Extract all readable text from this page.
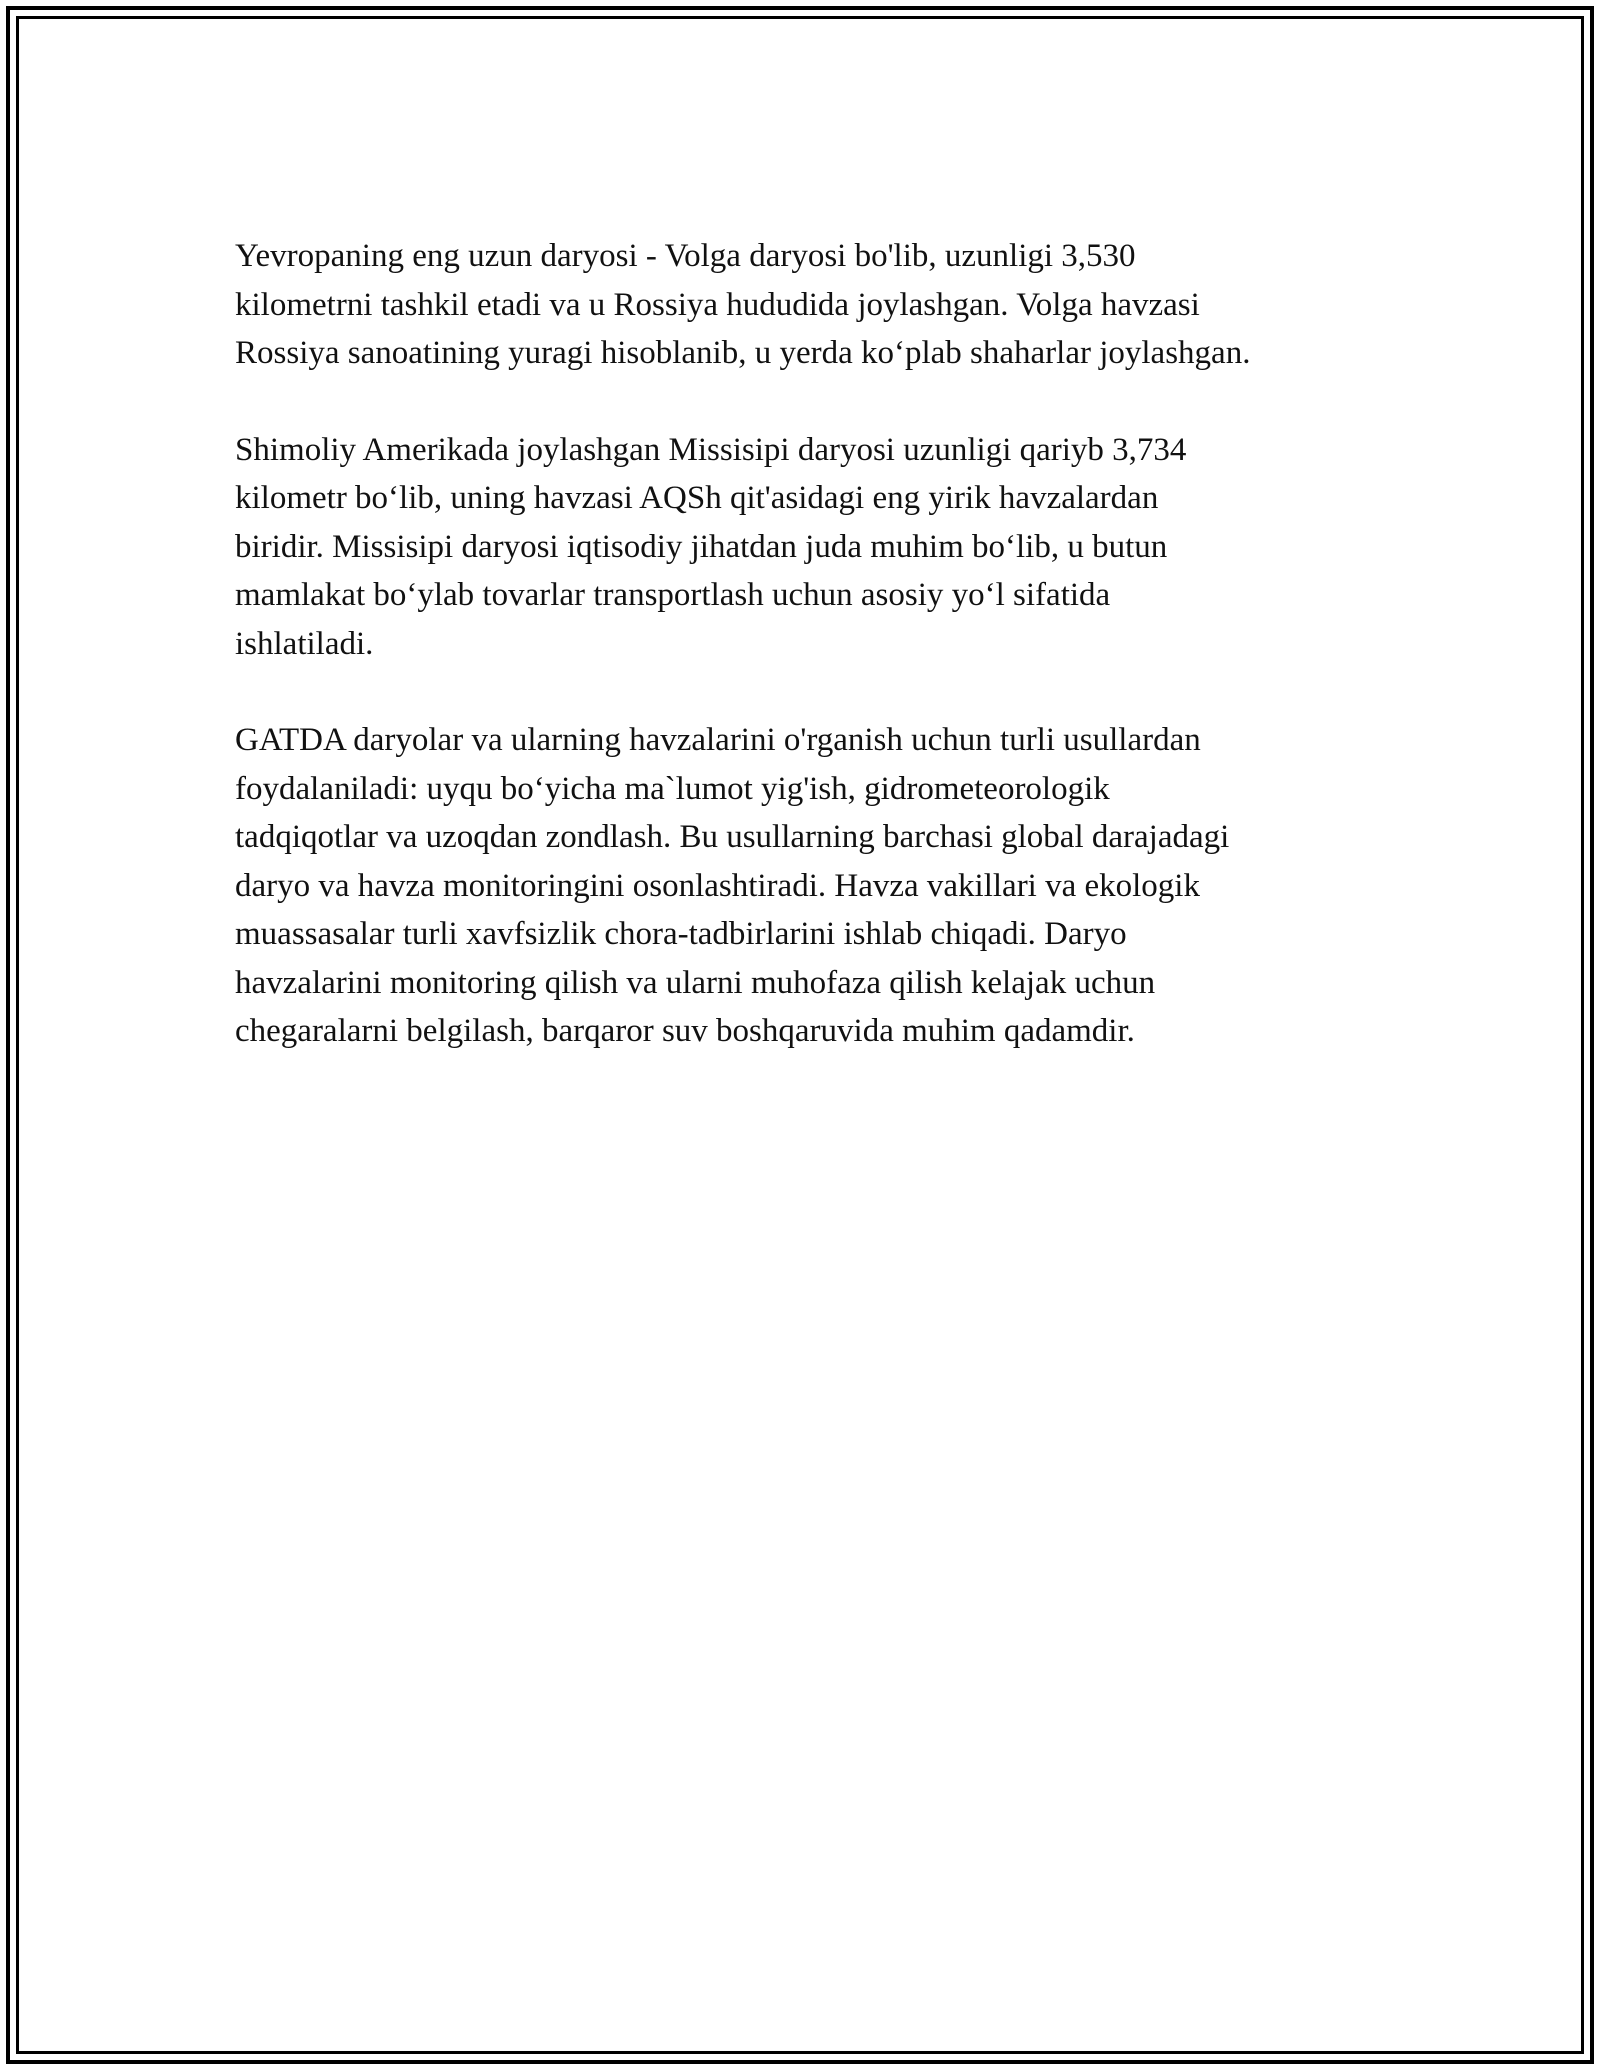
Yevropaning eng uzun daryosi - Volga daryosi bo'lib, uzunligi 3,530
kilometrni tashkil etadi va u Rossiya hududida joylashgan. Volga havzasi
Rossiya sanoatining yuragi hisoblanib, u yerda ko‘plab shaharlar joylashgan.

Shimoliy Amerikada joylashgan Missisipi daryosi uzunligi qariyb 3,734
kilometr bo‘lib, uning havzasi AQSh qit'asidagi eng yirik havzalardan
biridir. Missisipi daryosi iqtisodiy jihatdan juda muhim bo‘lib, u butun
mamlakat bo‘ylab tovarlar transportlash uchun asosiy yo‘l sifatida
ishlatiladi.

GATDA daryolar va ularning havzalarini o'rganish uchun turli usullardan
foydalaniladi: uyqu bo‘yicha ma`lumot yig'ish, gidrometeorologik
tadqiqotlar va uzoqdan zondlash. Bu usullarning barchasi global darajadagi
daryo va havza monitoringini osonlashtiradi. Havza vakillari va ekologik
muassasalar turli xavfsizlik chora-tadbirlarini ishlab chiqadi. Daryo
havzalarini monitoring qilish va ularni muhofaza qilish kelajak uchun
chegaralarni belgilash, barqaror suv boshqaruvida muhim qadamdir.
